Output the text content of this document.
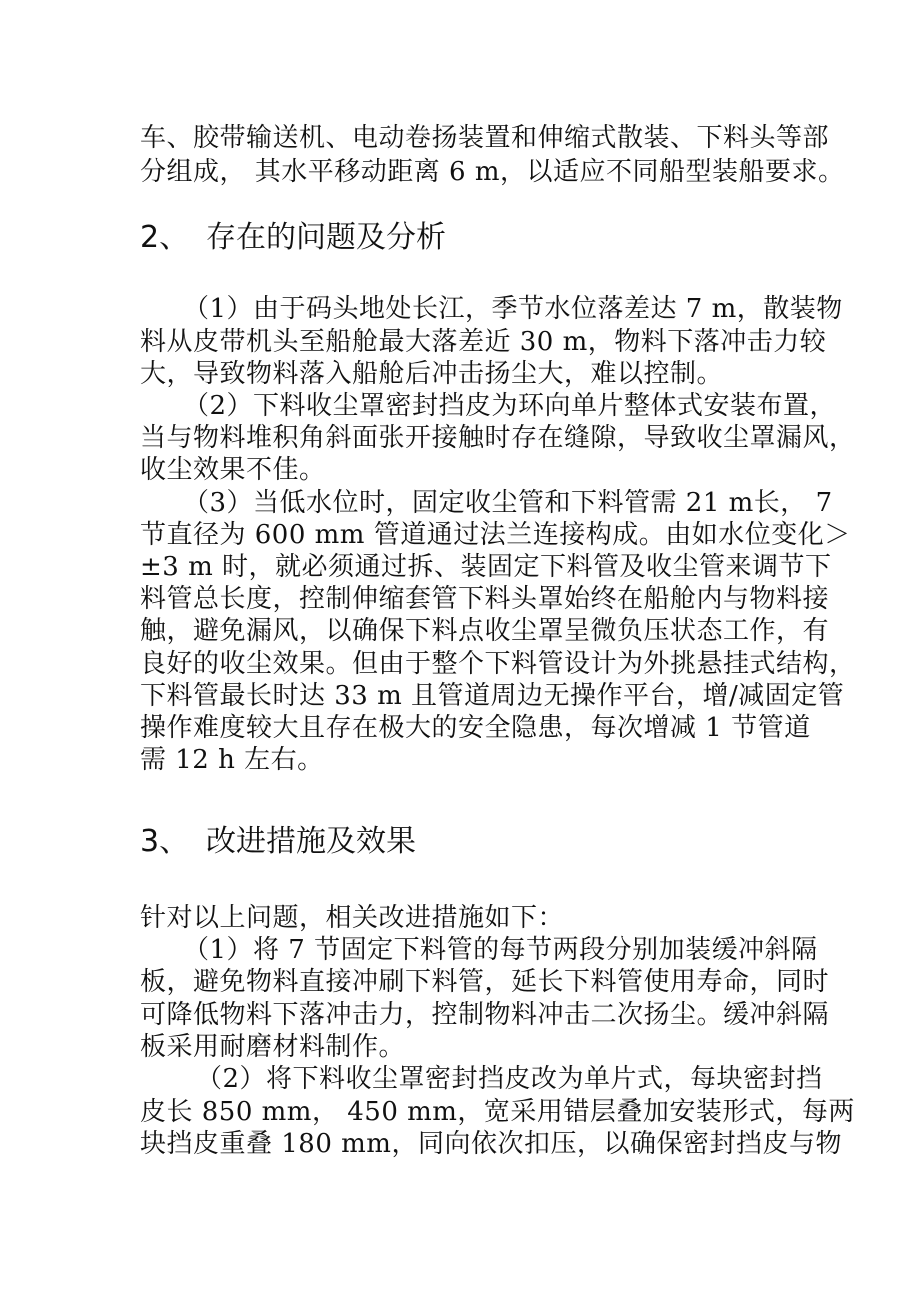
车、胶带输送机、电动卷扬装置和伸缩式散装、下料头等部
分组成， 其水平移动距离 6 m，以适应不同船型装船要求。
2、 存在的问题及分析
（1）由于码头地处长江，季节水位落差达 7 m，散装物
料从皮带机头至船舱最大落差近 30 m，物料下落冲击力较
大，导致物料落入船舱后冲击扬尘大，难以控制。
（2）下料收尘罩密封挡皮为环向单片整体式安装布置，
当与物料堆积角斜面张开接触时存在缝隙，导致收尘罩漏风，
收尘效果不佳。
（3）当低水位时，固定收尘管和下料管需 21 m长， 7
节直径为 600 mm 管道通过法兰连接构成。由如水位变化＞
±3 m 时，就必须通过拆、装固定下料管及收尘管来调节下
料管总长度，控制伸缩套管下料头罩始终在船舱内与物料接
触，避免漏风，以确保下料点收尘罩呈微负压状态工作，有
良好的收尘效果。但由于整个下料管设计为外挑悬挂式结构，
下料管最长时达 33 m 且管道周边无操作平台，增/减固定管
操作难度较大且存在极大的安全隐患，每次增减 1 节管道
需 12 h 左右。
3、 改进措施及效果
针对以上问题，相关改进措施如下：
（1）将 7 节固定下料管的每节两段分别加装缓冲斜隔
板，避免物料直接冲刷下料管，延长下料管使用寿命，同时
可降低物料下落冲击力，控制物料冲击二次扬尘。缓冲斜隔
板采用耐磨材料制作。
（2）将下料收尘罩密封挡皮改为单片式，每块密封挡
皮长 850 mm， 450 mm，宽采用错层叠加安装形式，每两
块挡皮重叠 180 mm，同向依次扣压，以确保密封挡皮与物
